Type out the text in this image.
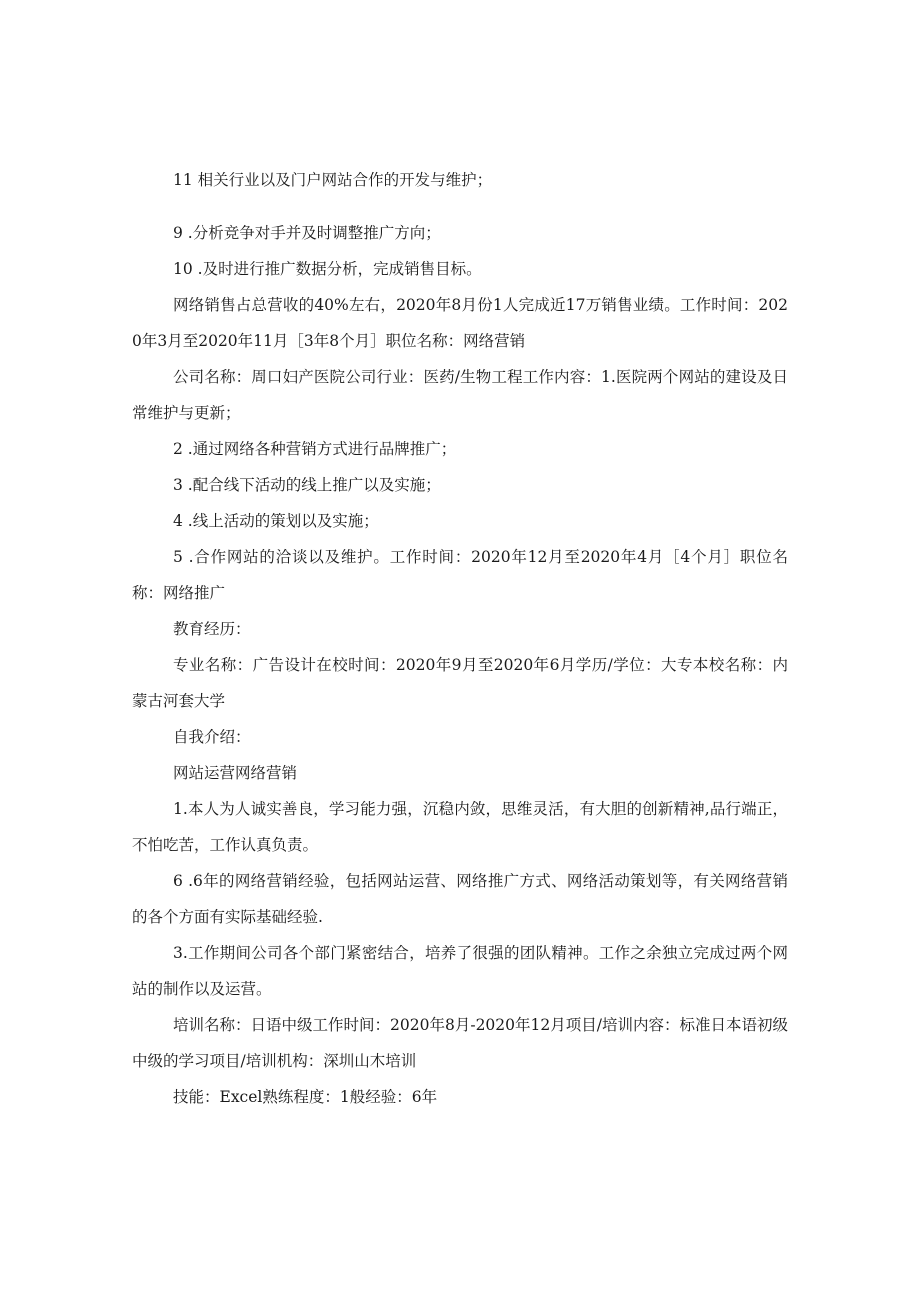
11 相关行业以及门户网站合作的开发与维护；

9 .分析竞争对手并及时调整推广方向；

10 .及时进行推广数据分析，完成销售目标。

网络销售占总营收的40%左右，2020年8月份1人完成近17万销售业绩。工作时间：2020年3月至2020年11月［3年8个月］职位名称：网络营销

公司名称：周口妇产医院公司行业：医药/生物工程工作内容：1.医院两个网站的建设及日常维护与更新；

2 .通过网络各种营销方式进行品牌推广；

3 .配合线下活动的线上推广以及实施；

4 .线上活动的策划以及实施；

5 .合作网站的洽谈以及维护。工作时间：2020年12月至2020年4月［4个月］职位名称：网络推广

教育经历：

专业名称：广告设计在校时间：2020年9月至2020年6月学历/学位：大专本校名称：内蒙古河套大学

自我介绍：

网站运营网络营销

1.本人为人诚实善良，学习能力强，沉稳内敛，思维灵活，有大胆的创新精神,品行端正，不怕吃苦，工作认真负责。

6 .6年的网络营销经验，包括网站运营、网络推广方式、网络活动策划等，有关网络营销的各个方面有实际基础经验.

3.工作期间公司各个部门紧密结合，培养了很强的团队精神。工作之余独立完成过两个网站的制作以及运营。

培训名称：日语中级工作时间：2020年8月-2020年12月项目/培训内容：标准日本语初级中级的学习项目/培训机构：深圳山木培训

技能：Excel熟练程度：1般经验：6年
